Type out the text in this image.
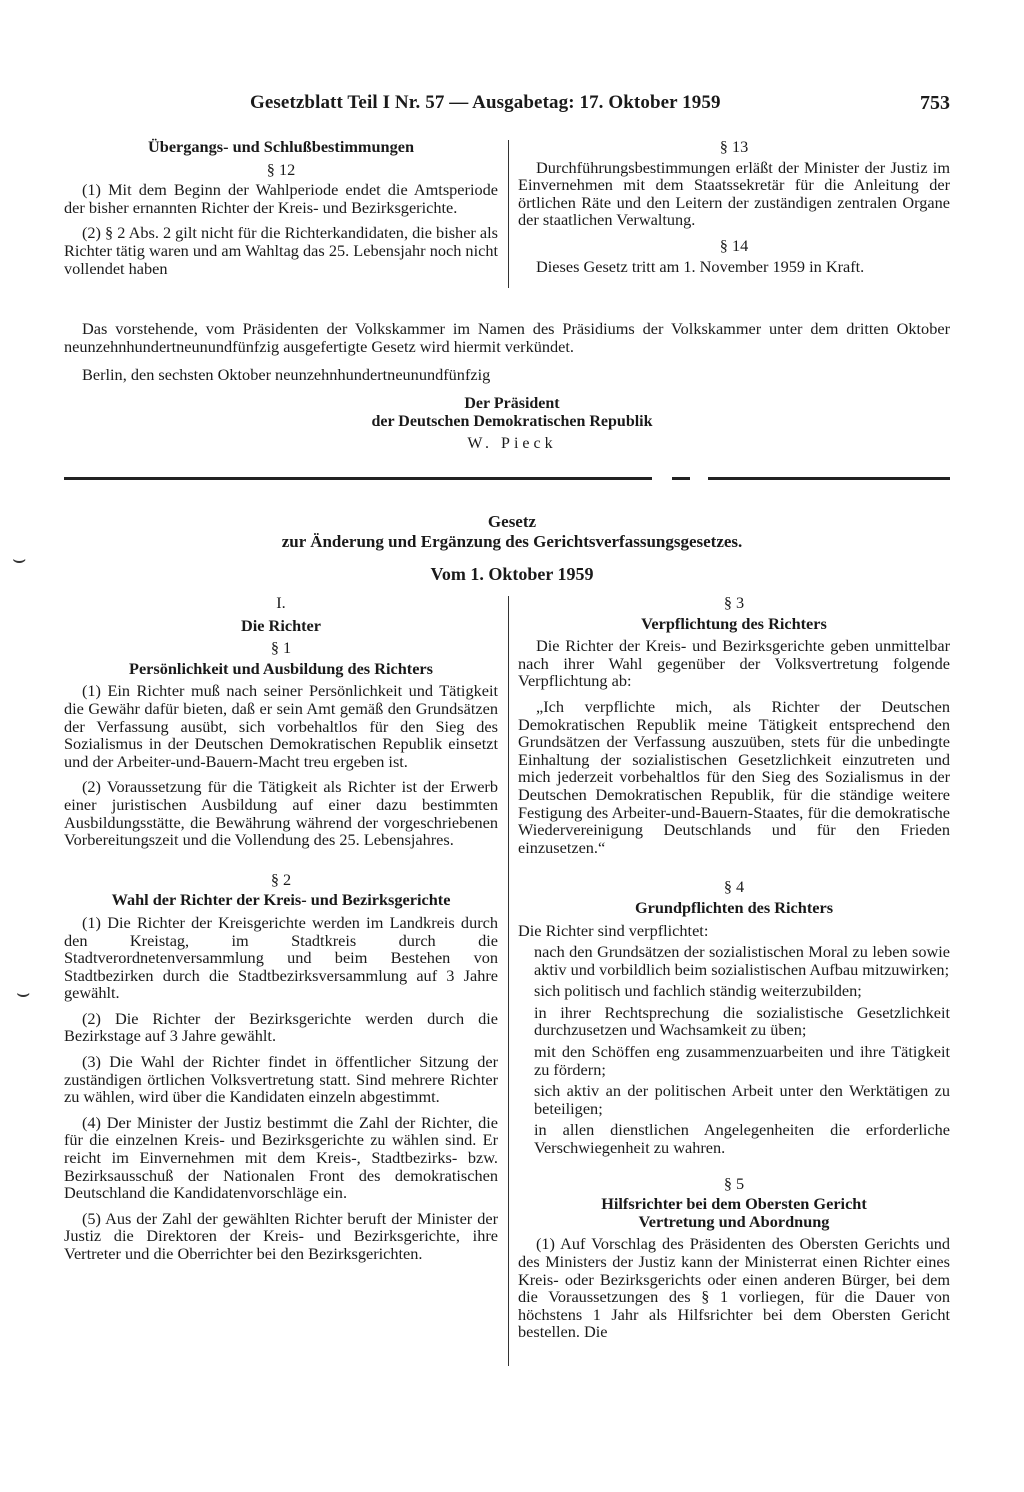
Gesetzblatt Teil I Nr. 57 — Ausgabetag: 17. Oktober 1959	753
Übergangs- und Schlußbestimmungen
§ 12
(1) Mit dem Beginn der Wahlperiode endet die Amtsperiode der bisher ernannten Richter der Kreis- und Bezirksgerichte.
(2) § 2 Abs. 2 gilt nicht für die Richterkandidaten, die bisher als Richter tätig waren und am Wahltag das 25. Lebensjahr noch nicht vollendet haben
§ 13
Durchführungsbestimmungen erläßt der Minister der Justiz im Einvernehmen mit dem Staatssekretär für die Anleitung der örtlichen Räte und den Leitern der zuständigen zentralen Organe der staatlichen Verwaltung.
§ 14
Dieses Gesetz tritt am 1. November 1959 in Kraft.

Das vorstehende, vom Präsidenten der Volkskammer im Namen des Präsidiums der Volkskammer unter dem dritten Oktober neunzehnhundertneunundfünfzig ausgefertigte Gesetz wird hiermit verkündet.

Berlin, den sechsten Oktober neunzehnhundertneunundfünfzig

Der Präsident
der Deutschen Demokratischen Republik
W. Pieck
Gesetz
zur Änderung und Ergänzung des Gerichtsverfassungsgesetzes.
Vom 1. Oktober 1959
⌣
⌣
I.
Die Richter
§ 1
Persönlichkeit und Ausbildung des Richters
(1) Ein Richter muß nach seiner Persönlichkeit und Tätigkeit die Gewähr dafür bieten, daß er sein Amt gemäß den Grundsätzen der Verfassung ausübt, sich vorbehaltlos für den Sieg des Sozialismus in der Deutschen Demokratischen Republik einsetzt und der Arbeiter-und-Bauern-Macht treu ergeben ist.
(2) Voraussetzung für die Tätigkeit als Richter ist der Erwerb einer juristischen Ausbildung auf einer dazu bestimmten Ausbildungsstätte, die Bewährung während der vorgeschriebenen Vorbereitungszeit und die Vollendung des 25. Lebensjahres.
§ 2
Wahl der Richter der Kreis- und Bezirksgerichte
(1) Die Richter der Kreisgerichte werden im Landkreis durch den Kreistag, im Stadtkreis durch die Stadtverordnetenversammlung und beim Bestehen von Stadtbezirken durch die Stadtbezirksversammlung auf 3 Jahre gewählt.
(2) Die Richter der Bezirksgerichte werden durch die Bezirkstage auf 3 Jahre gewählt.
(3) Die Wahl der Richter findet in öffentlicher Sitzung der zuständigen örtlichen Volksvertretung statt. Sind mehrere Richter zu wählen, wird über die Kandidaten einzeln abgestimmt.
(4) Der Minister der Justiz bestimmt die Zahl der Richter, die für die einzelnen Kreis- und Bezirksgerichte zu wählen sind. Er reicht im Einvernehmen mit dem Kreis-, Stadtbezirks- bzw. Bezirksausschuß der Nationalen Front des demokratischen Deutschland die Kandidatenvorschläge ein.
(5) Aus der Zahl der gewählten Richter beruft der Minister der Justiz die Direktoren der Kreis- und Bezirksgerichte, ihre Vertreter und die Oberrichter bei den Bezirksgerichten.
§ 3
Verpflichtung des Richters
Die Richter der Kreis- und Bezirksgerichte geben unmittelbar nach ihrer Wahl gegenüber der Volksvertretung folgende Verpflichtung ab:
„Ich verpflichte mich, als Richter der Deutschen Demokratischen Republik meine Tätigkeit entsprechend den Grundsätzen der Verfassung auszuüben, stets für die unbedingte Einhaltung der sozialistischen Gesetzlichkeit einzutreten und mich jederzeit vorbehaltlos für den Sieg des Sozialismus in der Deutschen Demokratischen Republik, für die ständige weitere Festigung des Arbeiter-und-Bauern-Staates, für die demokratische Wiedervereinigung Deutschlands und für den Frieden einzusetzen.“
§ 4
Grundpflichten des Richters
Die Richter sind verpflichtet:
nach den Grundsätzen der sozialistischen Moral zu leben sowie aktiv und vorbildlich beim sozialistischen Aufbau mitzuwirken;
sich politisch und fachlich ständig weiterzubilden;
in ihrer Rechtsprechung die sozialistische Gesetzlichkeit durchzusetzen und Wachsamkeit zu üben;
mit den Schöffen eng zusammenzuarbeiten und ihre Tätigkeit zu fördern;
sich aktiv an der politischen Arbeit unter den Werktätigen zu beteiligen;
in allen dienstlichen Angelegenheiten die erforderliche Verschwiegenheit zu wahren.
§ 5
Hilfsrichter bei dem Obersten Gericht
Vertretung und Abordnung
(1) Auf Vorschlag des Präsidenten des Obersten Gerichts und des Ministers der Justiz kann der Ministerrat einen Richter eines Kreis- oder Bezirksgerichts oder einen anderen Bürger, bei dem die Voraussetzungen des § 1 vorliegen, für die Dauer von höchstens 1 Jahr als Hilfsrichter bei dem Obersten Gericht bestellen. Die
